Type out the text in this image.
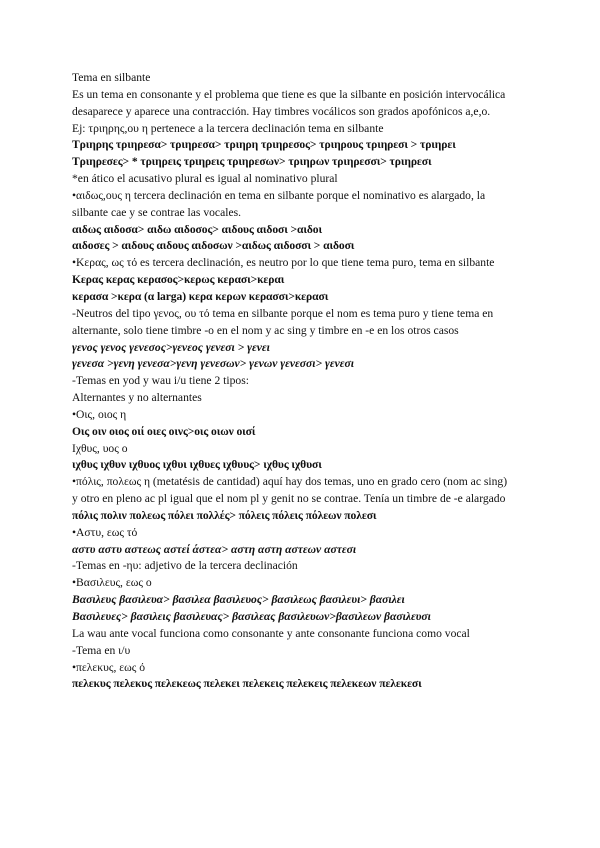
Tema en silbante
Es un tema en consonante y el problema que tiene es que la silbante en posición intervocálica
desaparece y aparece una contracción. Hay timbres vocálicos son grados apofónicos a,e,o.
Ej: τριηρης,ου η pertenece a la tercera declinación tema en silbante
Τριηρης τριηρεσα> τριηρεσα> τριηρη τριηρεσος> τριηρους τριηρεσι > τριηρει
Τριηρεσες> * τριηρεις τριηρεις τριηρεσων> τριηρων τριηρεσσι> τριηρεσι
*en ático el acusativo plural es igual al nominativo plural
•αιδως,ους η tercera declinación en tema en silbante porque el nominativo es alargado, la
silbante cae y se contrae las vocales.
αιδως αιδοσα> αιδω αιδοσος> αιδους αιδοσι >αιδοι
αιδοσες > αιδους αιδους αιδοσων >αιδως αιδοσσι > αιδοσι
•Κερας, ως τό es tercera declinación, es neutro por lo que tiene tema puro, tema en silbante
Κερας κερας κερασος>κερως κερασι>κεραι
κερασα >κερα (α larga) κερα κερων κερασσι>κερασι
-Neutros del tipo γενος, ου τό tema en silbante porque el nom es tema puro y tiene tema en
alternante, solo tiene timbre -o en el nom y ac sing y timbre en -e en los otros casos
γενος γενος γενεσος>γενεος γενεσι > γενει
γενεσα >γενη γενεσα>γενη γενεσων> γενων γενεσσι> γενεσι
-Temas en yod y wau i/u tiene 2 tipos:
Alternantes y no alternantes
•Οις, οιος η
Οις οιν οιος οιί οιες οινς>οις οιων οισί
Ιχθυς, υος ο
ιχθυς ιχθυν ιχθυος ιχθυι ιχθυες ιχθυυς> ιχθυς ιχθυσι
•πόλις, πολεως η (metatésis de cantidad) aquí hay dos temas, uno en grado cero (nom ac sing)
y otro en pleno ac pl igual que el nom pl y genit no se contrae. Tenía un timbre de -e alargado
πόλις πολιν πολεως πόλει πολλές> πόλεις πόλεις πόλεων πολεσι
•Αστυ, εως τό
αστυ αστυ αστεως αστεί άστεα> αστη αστη αστεων αστεσι
-Temas en -ηυ: adjetivo de la tercera declinación
•Βασιλευς, εως ο
Βασιλευς βασιλευα> βασιλεα βασιλευος> βασιλεως βασιλευι> βασιλει
Βασιλευες> βασιλεις βασιλευας> βασιλεας βασιλευων>βασιλεων βασιλευσι
La wau ante vocal funciona como consonante y ante consonante funciona como vocal
-Tema en ι/υ
•πελεκυς, εως ό
πελεκυς πελεκυς πελεκεως πελεκει πελεκεις πελεκεις πελεκεων πελεκεσι
